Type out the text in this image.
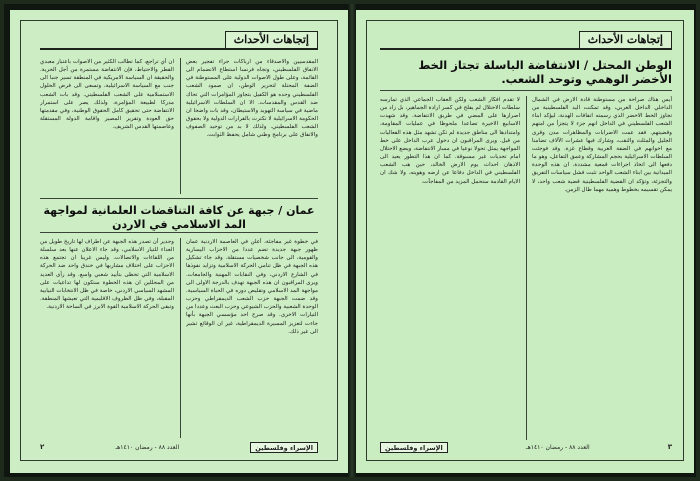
إتجاهات الأحداث
المقدسيين والاصدقاء من ارباكات جراء تفجير بعض الانفاق الفلسطيني، وتجاه فرنسا استطاع الانضمام الى القائمة، وعلى طول الاصوات الدولية على المستوطنة في الضفة المحتلة لتحرير الوطن، ان صمود الشعب الفلسطيني وحده هو الكفيل بتجاوز المؤامرات التي تحاك ضد القدس والمقدسات. الا ان السلطات الاسرائيلية ماضية في سياسة التهويد والاستيطان، وقد بات واضحا ان الحكومة الاسرائيلية لا تكترث بالقرارات الدولية ولا بحقوق الشعب الفلسطيني. ولذلك لا بد من توحيد الصفوف والاتفاق على برنامج وطني شامل يحفظ الثوابت.
ان أي تراجع، كما تطالب الكثير من الاصوات باعتبار معبدي القطر والاحتياط، فإن الانتفاضة مستمرة من أجل الحرية. والحقيقة ان السياسة الامريكية في المنطقة تسير جنبا الى جنب مع السياسة الاسرائيلية، وتسعى الى فرض الحلول الاستسلامية على الشعب الفلسطيني. وقد بات الشعب مدركا لطبيعة المؤامرة، ولذلك يصر على استمرار الانتفاضة حتى تحقيق كامل الحقوق الوطنية، وفي مقدمتها حق العودة وتقرير المصير واقامة الدولة المستقلة وعاصمتها القدس الشريف.
عمان / جبهة عن كافة التناقضات العلمانية لمواجهة المد الاسلامي في الاردن
في خطوة غير مفاجئة، أعلن في العاصمة الاردنية عمان ظهور جبهة جديدة تضم عددا من الاحزاب اليسارية والقومية، الى جانب شخصيات مستقلة. وقد جاء تشكيل هذه الجبهة في ظل تنامي الحركة الاسلامية وتزايد نفوذها في الشارع الاردني، وفي النقابات المهنية والجامعات. ويرى المراقبون ان هذه الجبهة تهدف بالدرجة الاولى الى مواجهة المد الاسلامي وتقليص دوره في الحياة السياسية. وقد ضمت الجبهة حزب الشعب الديمقراطي وحزب الوحدة الشعبية والحزب الشيوعي وحزب البعث وعددا من التيارات الاخرى. وقد صرح احد مؤسسي الجبهة بأنها جاءت لتعزيز المسيرة الديمقراطية، غير ان الوقائع تشير الى غير ذلك.
وجدير أن تصدر هذه الجبهة عن اطراف لها تاريخ طويل من العداء للتيار الاسلامي، وقد جاء الاعلان عنها بعد سلسلة من اللقاءات والاتصالات. وليس غريبا ان تجتمع هذه الاحزاب على اختلاف مشاربها في خندق واحد ضد الحركة الاسلامية التي تحظى بتأييد شعبي واسع. وقد رأى العديد من المحللين ان هذه الخطوة ستكون لها تداعيات على المشهد السياسي الاردني، خاصة في ظل الانتخابات النيابية المقبلة، وفي ظل الظروف الاقليمية التي تعيشها المنطقة. وتبقى الحركة الاسلامية القوة الابرز في الساحة الاردنية.
الإسراء وفلسطين
العدد ٨٨ - رمضان ١٤١٠هـ
٢
إتجاهات الأحداث
الوطن المحتل / الانتفاضة الباسلة تجتاز الخط الأخضر الوهمي وتوحد الشعب.
أيس هناك صراحة من مستوطنة قادة الارض في الشمال الداخلي الداخل الغربي، وقد تمكنت اليد الفلسطينية من تجاوز الخط الاخضر الذي رسمته اتفاقات الهدنة، ليؤكد ابناء الشعب الفلسطيني في الداخل انهم جزء لا يتجزأ من امتهم وقضيتهم. فقد عمت الاضرابات والمظاهرات مدن وقرى الجليل والمثلث والنقب، وشارك فيها عشرات الآلاف تضامنا مع اخوانهم في الضفة الغربية وقطاع غزة. وقد فوجئت السلطات الاسرائيلية بحجم المشاركة وعمق التفاعل، وهو ما دفعها الى اتخاذ اجراءات قمعية مشددة. ان هذه الوحدة الميدانية بين ابناء الشعب الواحد تثبت فشل سياسات التفريق والتجزئة، وتؤكد ان القضية الفلسطينية قضية شعب واحد، لا يمكن تقسيمه بخطوط وهمية مهما طال الزمن.
لا تقدم افكار الشعب ولكن العقاب الجماعي الذي تمارسه سلطات الاحتلال لم يفلح في كسر ارادة الجماهير، بل زاد من اصرارها على المضي في طريق الانتفاضة. وقد شهدت الاسابيع الاخيرة تصاعدا ملحوظا في عمليات المقاومة، وامتدادها الى مناطق جديدة لم تكن تشهد مثل هذه الفعاليات من قبل. ويرى المراقبون ان دخول عرب الداخل على خط المواجهة يمثل تحولا نوعيا في مسار الانتفاضة، ويضع الاحتلال امام تحديات غير مسبوقة. كما ان هذا التطور يعيد الى الاذهان احداث يوم الارض الخالد، حين هب الشعب الفلسطيني في الداخل دفاعا عن ارضه وهويته. ولا شك ان الايام القادمة ستحمل المزيد من المفاجآت.
٣
العدد ٨٨ - رمضان ١٤١٠هـ
الإسراء وفلسطين
